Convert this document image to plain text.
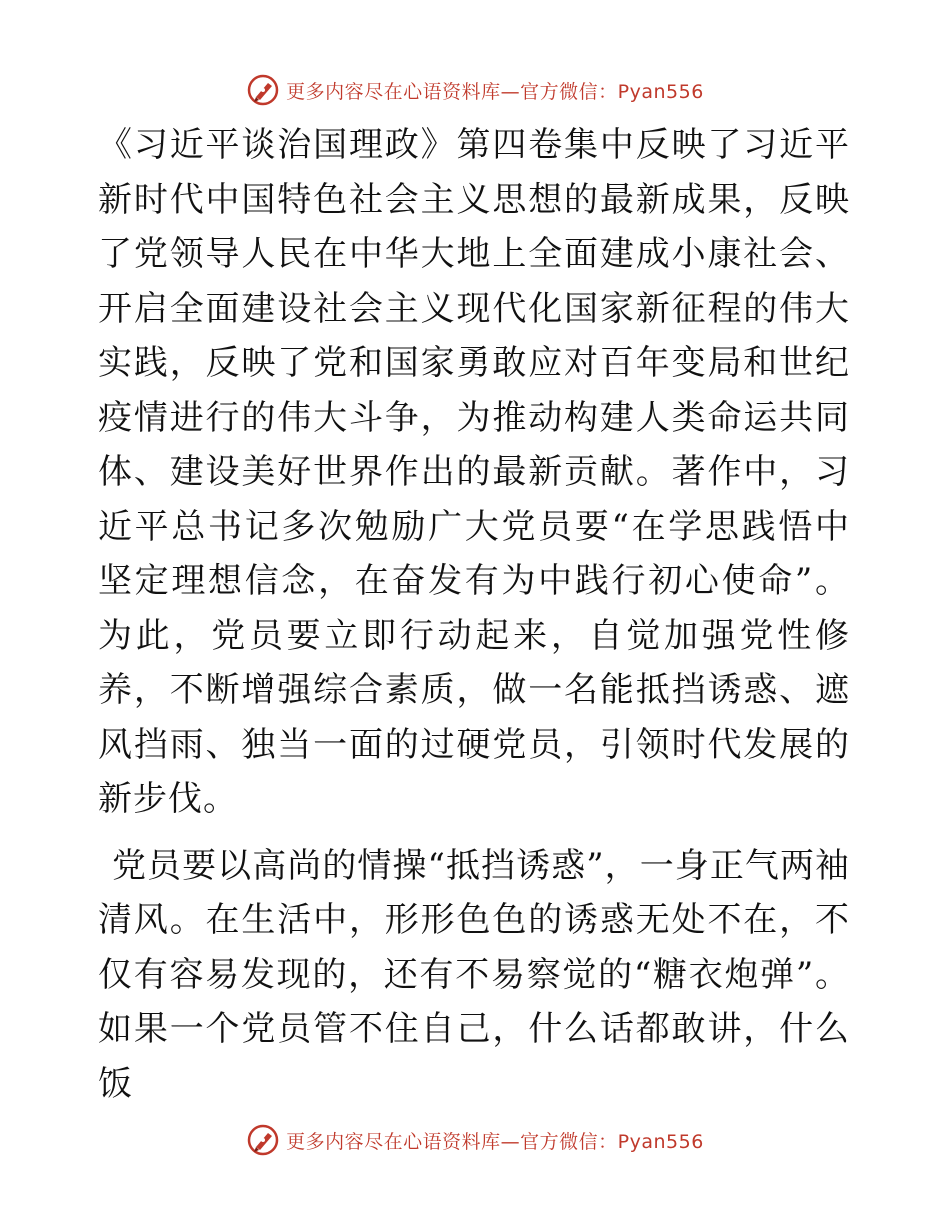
更多内容尽在心语资料库—官方微信：Pyan556

《习近平谈治国理政》第四卷集中反映了习近平新时代中国特色社会主义思想的最新成果，反映了党领导人民在中华大地上全面建成小康社会、开启全面建设社会主义现代化国家新征程的伟大实践，反映了党和国家勇敢应对百年变局和世纪疫情进行的伟大斗争，为推动构建人类命运共同体、建设美好世界作出的最新贡献。著作中，习近平总书记多次勉励广大党员要“在学思践悟中坚定理想信念，在奋发有为中践行初心使命”。为此，党员要立即行动起来，自觉加强党性修养，不断增强综合素质，做一名能抵挡诱惑、遮风挡雨、独当一面的过硬党员，引领时代发展的新步伐。

党员要以高尚的情操“抵挡诱惑”，一身正气两袖清风。在生活中，形形色色的诱惑无处不在，不仅有容易发现的，还有不易察觉的“糖衣炮弹”。如果一个党员管不住自己，什么话都敢讲，什么饭

更多内容尽在心语资料库—官方微信：Pyan556
